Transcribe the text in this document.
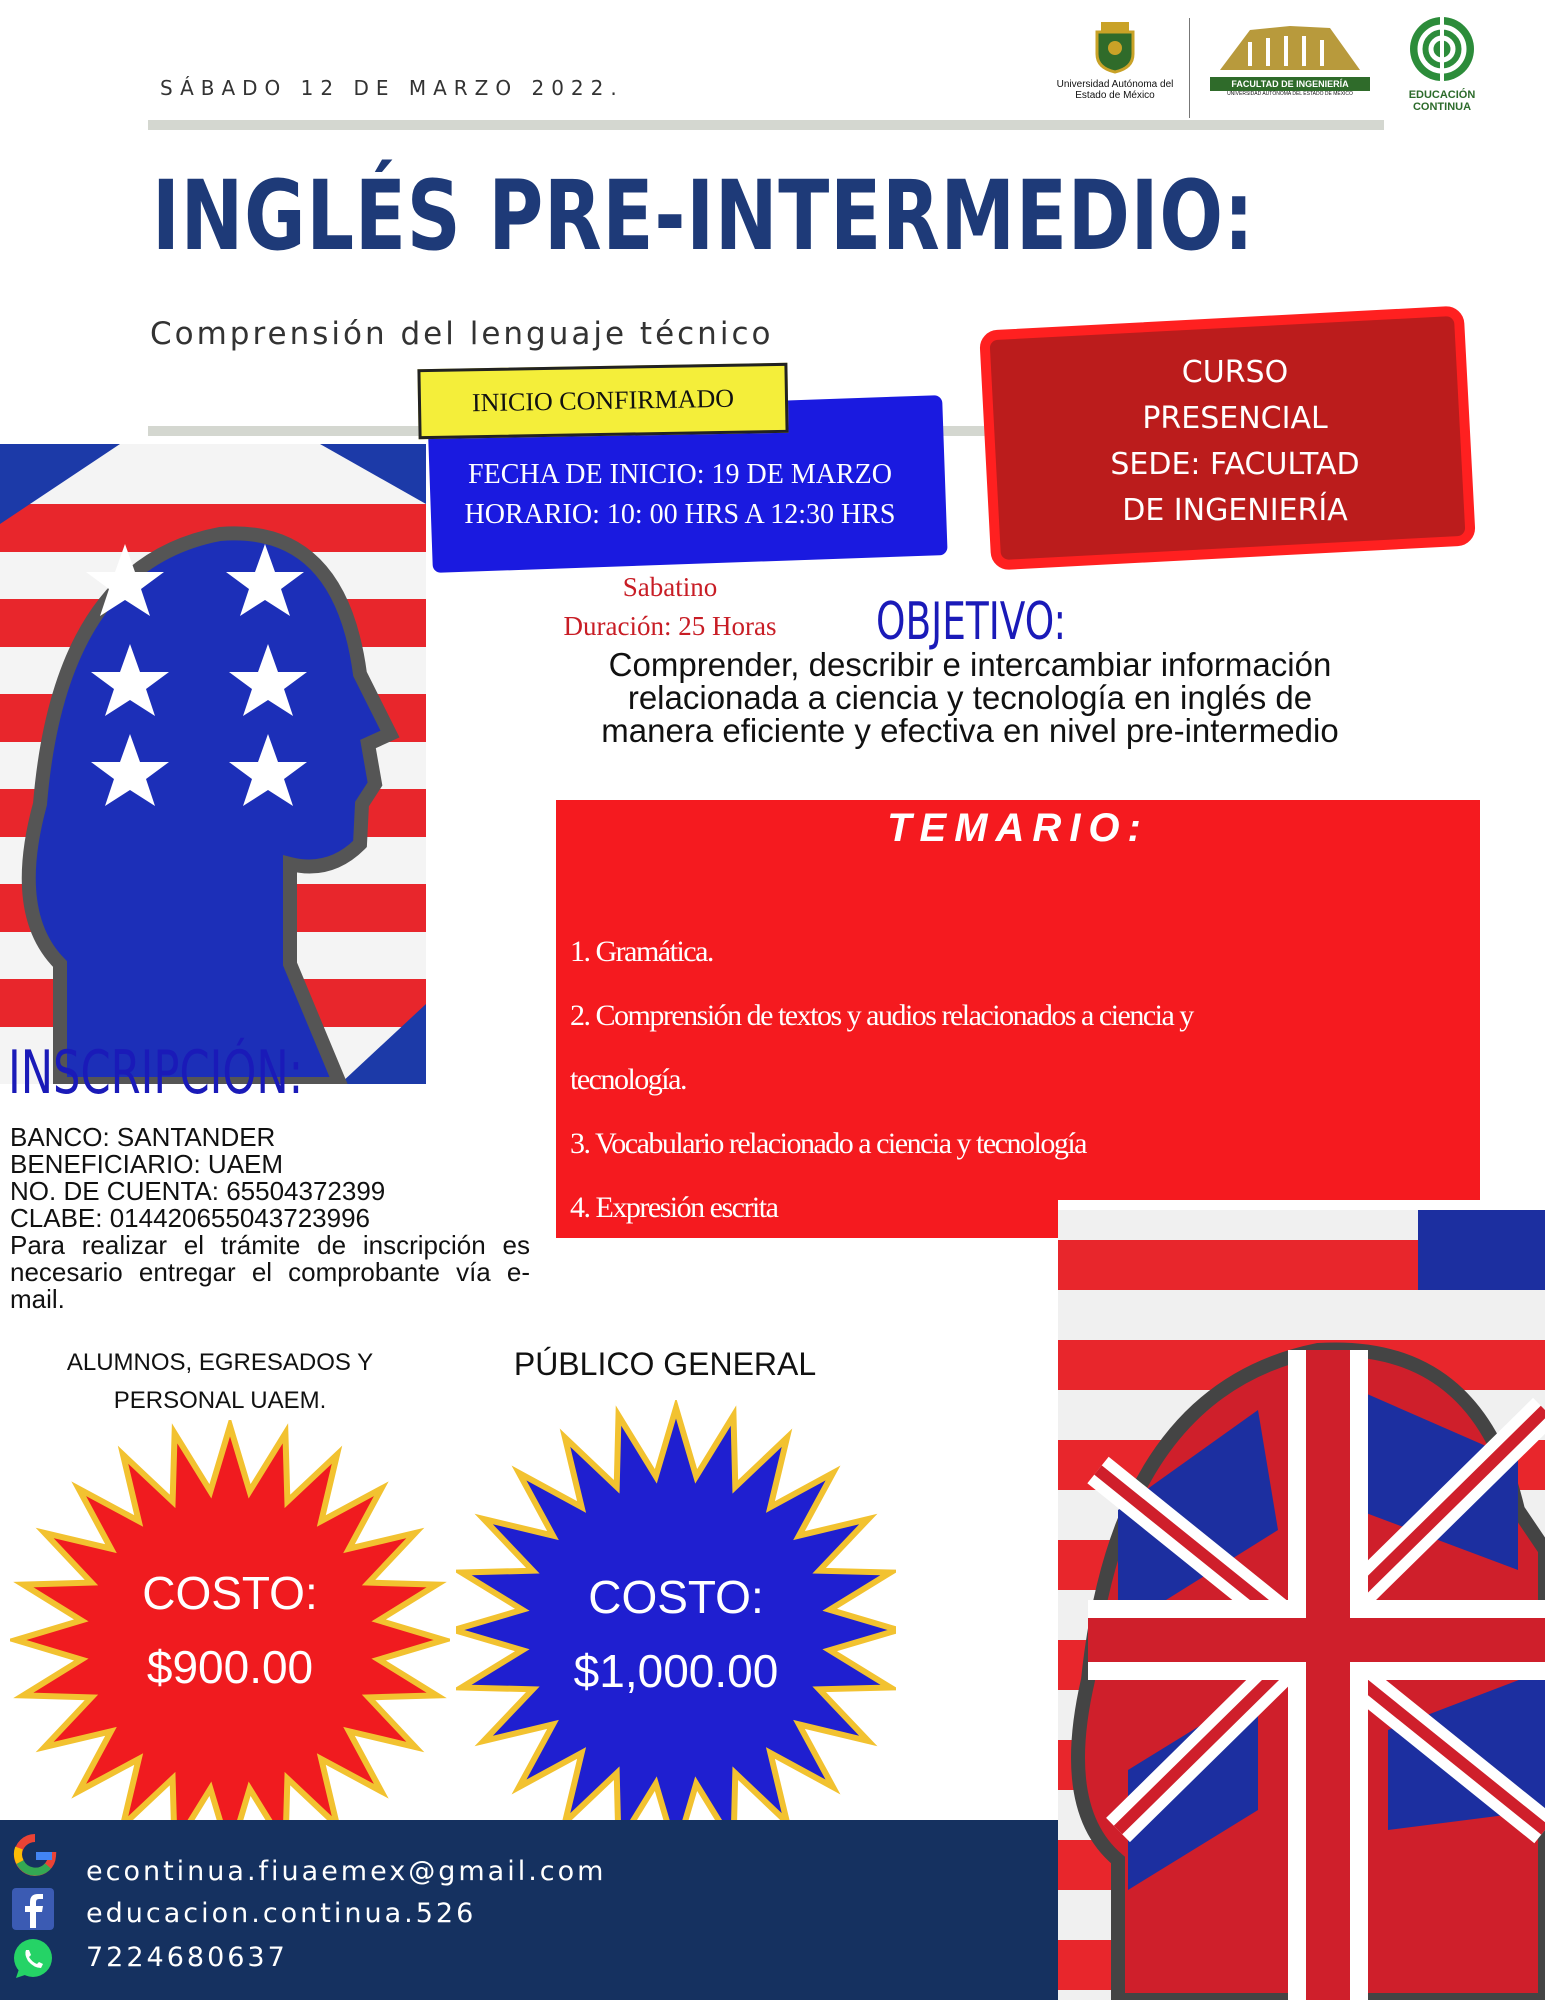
SÁBADO 12 DE MARZO 2022.	Universidad Autónoma del Estado de México
FACULTAD DE INGENIERÍA
UNIVERSIDAD AUTÓNOMA DEL ESTADO DE MÉXICO	EDUCACIÓN CONTINUA
INGLÉS PRE-INTERMEDIO:
Comprensión del lenguaje técnico
INICIO CONFIRMADO
FECHA DE INICIO: 19 DE MARZO
HORARIO: 10: 00 HRS A 12:30 HRS
CURSO
PRESENCIAL
SEDE: FACULTAD
DE INGENIERÍA
Sabatino
Duración: 25 Horas	OBJETIVO:
Comprender, describir e intercambiar información
relacionada a ciencia y tecnología en inglés de
manera eficiente y efectiva en nivel pre-intermedio
TEMARIO:
1. Gramática.
2. Comprensión de textos y audios relacionados a ciencia y
tecnología.
3. Vocabulario relacionado a ciencia y tecnología
4. Expresión escrita
INSCRIPCIÓN:
BANCO: SANTANDER
BENEFICIARIO: UAEM
NO. DE CUENTA: 65504372399
CLABE: 014420655043723996
Para realizar el trámite de inscripción es necesario entregar el comprobante vía e-mail.
ALUMNOS, EGRESADOS Y PERSONAL UAEM.
PÚBLICO GENERAL
COSTO:
$900.00
COSTO:
$1,000.00
econtinua.fiuaemex@gmail.com
educacion.continua.526
7224680637
